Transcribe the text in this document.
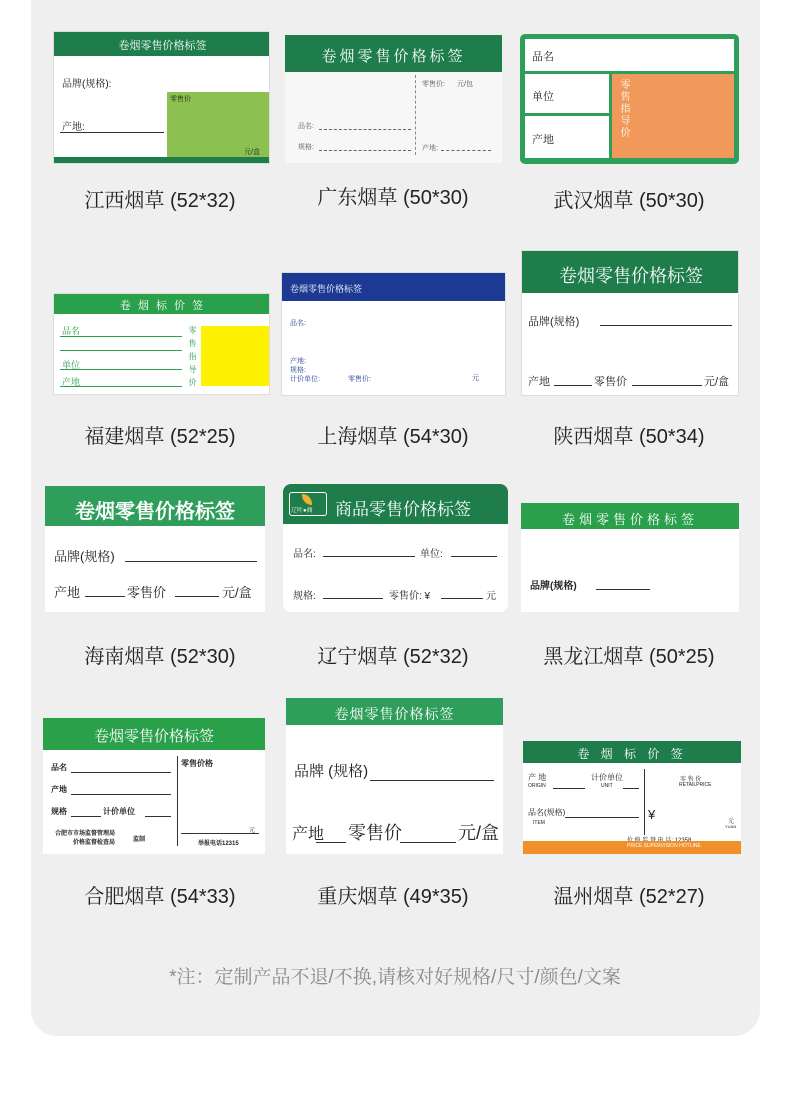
卷烟零售价格标签
品牌(规格):
产地:
零售价
元/盒
江西烟草 (52*32)
卷烟零售价格标签
零售价: 元/包
品名:
规格:	产地:
广东烟草 (50*30)
品名
单位
产地
零售指导价
武汉烟草 (50*30)
卷 烟 标 价 签
品名
单位
产地	零售指导价
福建烟草 (52*25)
卷烟零售价格标签
品名:
产地:
规格:
计价单位:	零售价:	元
上海烟草 (54*30)
卷烟零售价格标签
品牌(规格)
产地	零售价	元/盒
陕西烟草 (50*34)
卷烟零售价格标签
品牌(规格)
产地	零售价	元/盒
海南烟草 (52*30)
辽叶●商 商品零售价格标签
品名:	单位:
规格:	零售价: ¥	元
辽宁烟草 (52*32)
卷烟零售价格标签
品牌(规格)
黑龙江烟草 (50*25)
卷烟零售价格标签
品名
产地
规格	计价单位
合肥市市场监督管理局
价格监督检查局	监制
零售价格
元
举报电话12315
合肥烟草 (54*33)
卷烟零售价格标签
品牌 (规格)
产地 零售价	元/盒
重庆烟草 (49*35)
卷 烟 标 价 签
产 地
ORIGIN
计价单位
UNIT
零 售 价
RETAILPRICE
品名(规格)
ITEM
¥	元
YUAN
PRICE SUPERVISION HOTLINE
温州烟草 (52*27)
*注：定制产品不退/不换,请核对好规格/尺寸/颜色/文案
